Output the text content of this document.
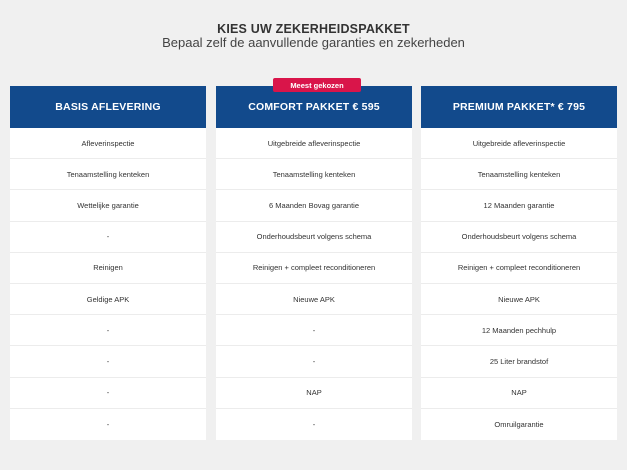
KIES UW ZEKERHEIDSPAKKET
Bepaal zelf de aanvullende garanties en zekerheden
Meest gekozen
BASIS AFLEVERING
Afleverinspectie
Tenaamstelling kenteken
Wettelijke garantie
-
Reinigen
Geldige APK
-
-
-
-
COMFORT PAKKET € 595
Uitgebreide afleverinspectie
Tenaamstelling kenteken
6 Maanden Bovag garantie
Onderhoudsbeurt volgens schema
Reinigen + compleet reconditioneren
Nieuwe APK
-
-
NAP
-
PREMIUM PAKKET* € 795
Uitgebreide afleverinspectie
Tenaamstelling kenteken
12 Maanden garantie
Onderhoudsbeurt volgens schema
Reinigen + compleet reconditioneren
Nieuwe APK
12 Maanden pechhulp
25 Liter brandstof
NAP
Omruilgarantie
